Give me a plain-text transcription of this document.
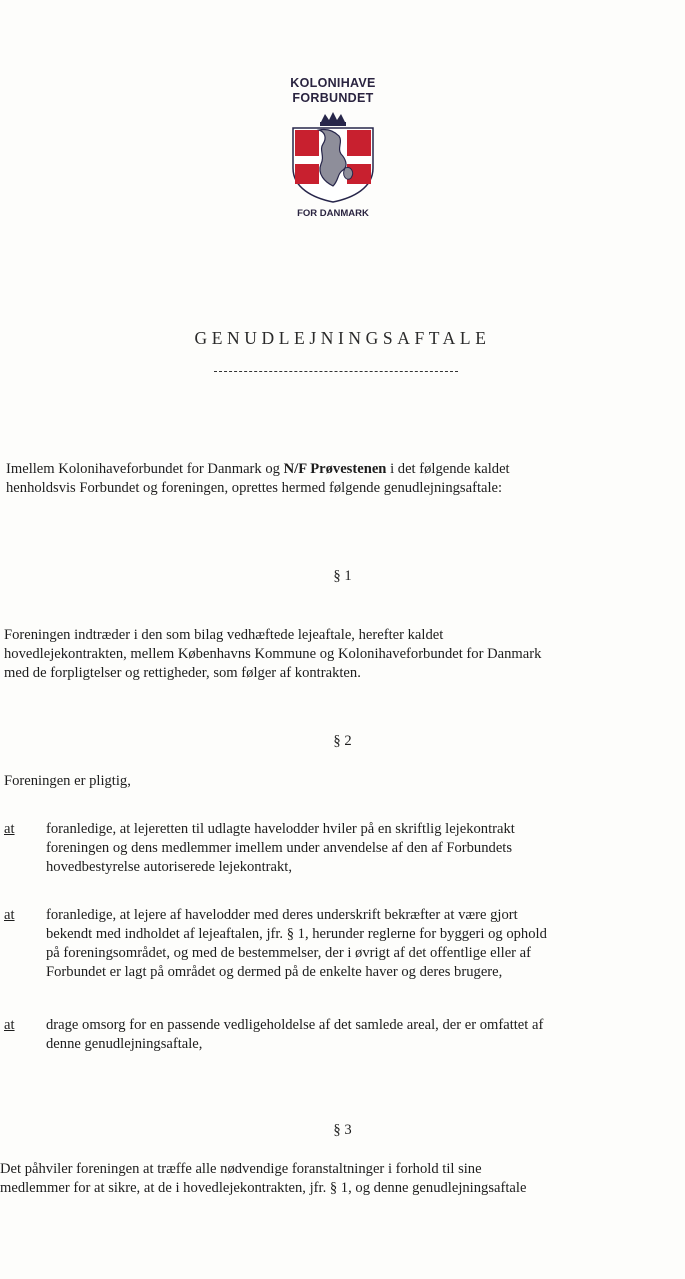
KOLONIHAVE
FORBUNDET
FOR DANMARK
GENUDLEJNINGSAFTALE
Imellem Kolonihaveforbundet for Danmark og N/F Prøvestenen i det følgende kaldet
henholdsvis Forbundet og foreningen, oprettes hermed følgende genudlejningsaftale:
§ 1
Foreningen indtræder i den som bilag vedhæftede lejeaftale, herefter kaldet
hovedlejekontrakten, mellem Københavns Kommune og Kolonihaveforbundet for Danmark
med de forpligtelser og rettigheder, som følger af kontrakten.
§ 2
Foreningen er pligtig,
at foranledige, at lejeretten til udlagte havelodder hviler på en skriftlig lejekontrakt
foreningen og dens medlemmer imellem under anvendelse af den af Forbundets
hovedbestyrelse autoriserede lejekontrakt,
at foranledige, at lejere af havelodder med deres underskrift bekræfter at være gjort
bekendt med indholdet af lejeaftalen, jfr. § 1, herunder reglerne for byggeri og ophold
på foreningsområdet, og med de bestemmelser, der i øvrigt af det offentlige eller af
Forbundet er lagt på området og dermed på de enkelte haver og deres brugere,
at drage omsorg for en passende vedligeholdelse af det samlede areal, der er omfattet af
denne genudlejningsaftale,
§ 3
Det påhviler foreningen at træffe alle nødvendige foranstaltninger i forhold til sine
medlemmer for at sikre, at de i hovedlejekontrakten, jfr. § 1, og denne genudlejningsaftale
